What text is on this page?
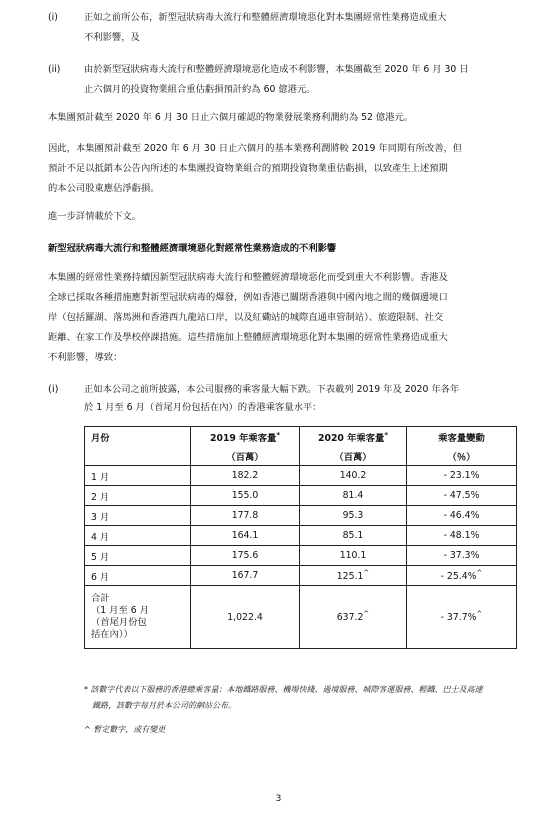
(i)	正如之前所公布，新型冠狀病毒大流行和整體經濟環境惡化對本集團經常性業務造成重大
不利影響，及
(ii)	由於新型冠狀病毒大流行和整體經濟環境惡化造成不利影響，本集團截至 2020 年 6 月 30 日
止六個月的投資物業組合重估虧損預計約為 60 億港元。
本集團預計截至 2020 年 6 月 30 日止六個月確認的物業發展業務利潤約為 52 億港元。
因此，本集團預計截至 2020 年 6 月 30 日止六個月的基本業務利潤將較 2019 年同期有所改善，但
預計不足以抵銷本公告內所述的本集團投資物業組合的預期投資物業重估虧損，以致產生上述預期
的本公司股東應佔淨虧損。
進一步詳情載於下文。
新型冠狀病毒大流行和整體經濟環境惡化對經常性業務造成的不利影響
本集團的經常性業務持續因新型冠狀病毒大流行和整體經濟環境惡化而受到重大不利影響。香港及
全球已採取各種措施應對新型冠狀病毒的爆發，例如香港已關閉香港與中國內地之間的幾個邊境口
岸（包括羅湖、落馬洲和香港西九龍站口岸，以及紅磡站的城際直通車管制站）、旅遊限制、社交
距離、在家工作及學校停課措施。這些措施加上整體經濟環境惡化對本集團的經常性業務造成重大
不利影響，導致：
(i)	正如本公司之前所披露，本公司服務的乘客量大幅下跌。下表載列 2019 年及 2020 年各年
於 1 月至 6 月（首尾月份包括在內）的香港乘客量水平：
月份	2019 年乘客量*	2020 年乘客量*	乘客量變動
	（百萬）	（百萬）	（％）
1 月	182.2	140.2	- 23.1%
2 月	155.0	81.4	- 47.5%
3 月	177.8	95.3	- 46.4%
4 月	164.1	85.1	- 48.1%
5 月	175.6	110.1	- 37.3%
6 月	167.7	125.1^	- 25.4%^

合計
（1 月至 6 月
（首尾月份包
括在內））	1,022.4	637.2^	- 37.7%^
* 該數字代表以下服務的香港總乘客量：本地鐵路服務、機場快綫、過境服務、城際客運服務、輕鐵、巴士及高速
鐵路，該數字每月於本公司的網站公布。
^ 暫定數字，或有變更
3
